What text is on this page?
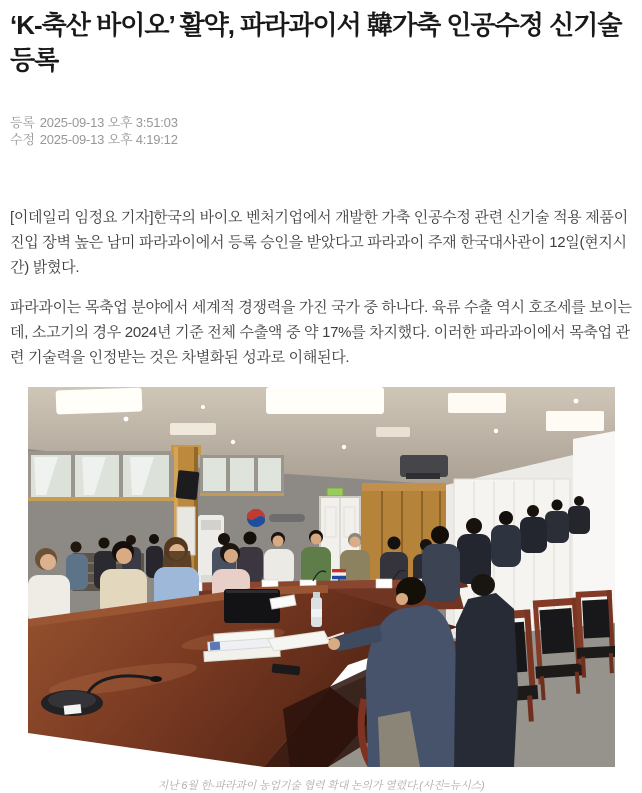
‘K-축산 바이오’ 활약, 파라과이서 韓가축 인공수정 신기술 등록
등록 2025-09-13 오후 3:51:03
수정 2025-09-13 오후 4:19:12

[이데일리 임정요 기자]한국의 바이오 벤처기업에서 개발한 가축 인공수정 관련 신기술 적용 제품이 진입 장벽 높은 남미 파라과이에서 등록 승인을 받았다고 파라과이 주재 한국대사관이 12일(현지시간) 밝혔다.

파라과이는 목축업 분야에서 세계적 경쟁력을 가진 국가 중 하나다. 육류 수출 역시 호조세를 보이는데, 소고기의 경우 2024년 기준 전체 수출액 중 약 17%를 차지했다. 이러한 파라과이에서 목축업 관련 기술력을 인정받는 것은 차별화된 성과로 이해된다.

지난 6월 한-파라과이 농업기술 협력 확대 논의가 열렸다.(사진=뉴시스)
